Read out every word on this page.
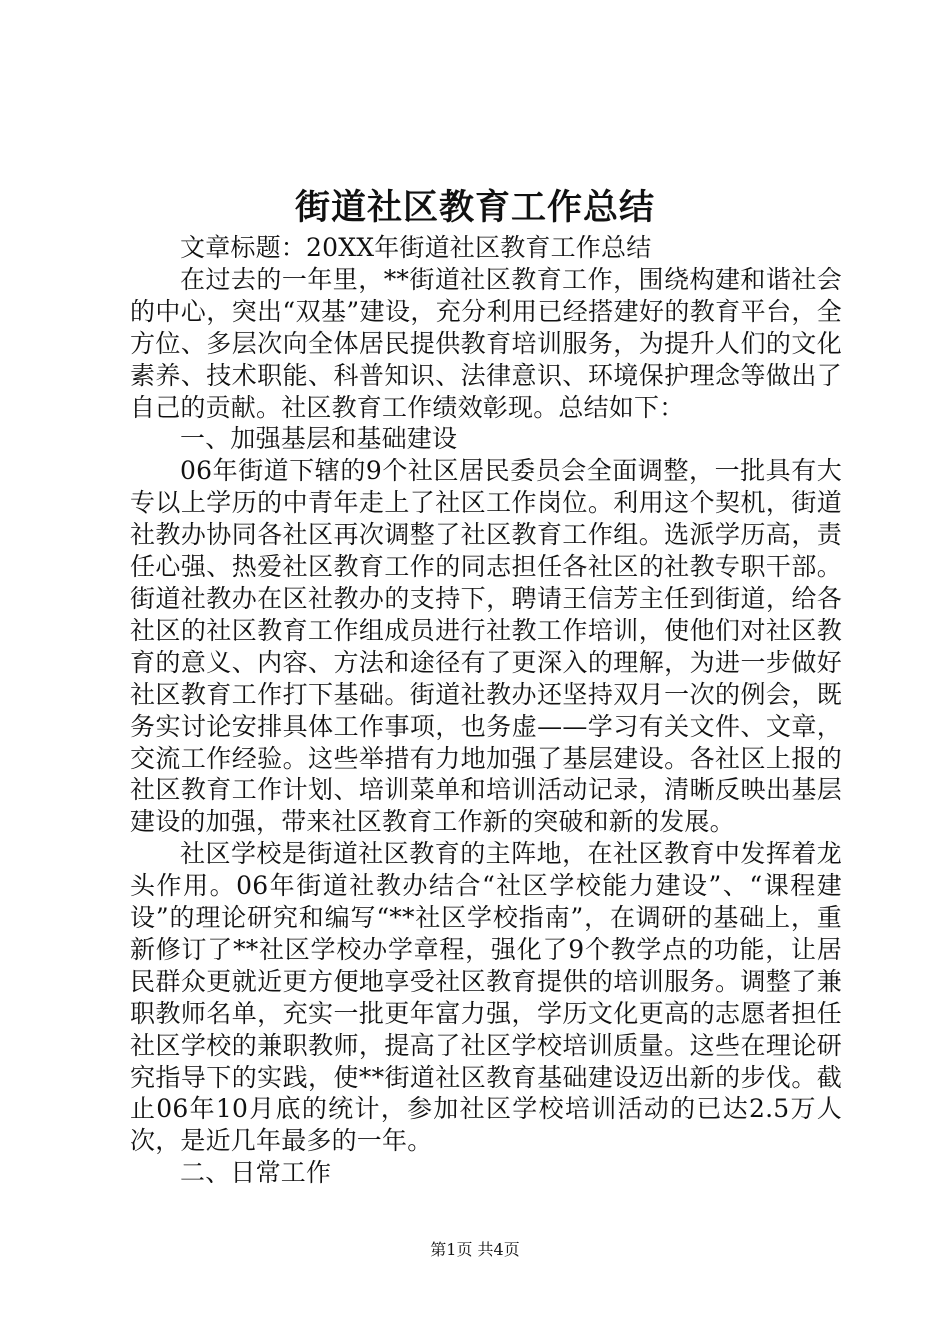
街道社区教育工作总结

文章标题：20XX年街道社区教育工作总结

在过去的一年里，**街道社区教育工作，围绕构建和谐社会的中心，突出“双基”建设，充分利用已经搭建好的教育平台，全方位、多层次向全体居民提供教育培训服务，为提升人们的文化素养、技术职能、科普知识、法律意识、环境保护理念等做出了自己的贡献。社区教育工作绩效彰现。总结如下：

一、加强基层和基础建设

06年街道下辖的9个社区居民委员会全面调整，一批具有大专以上学历的中青年走上了社区工作岗位。利用这个契机，街道社教办协同各社区再次调整了社区教育工作组。选派学历高，责任心强、热爱社区教育工作的同志担任各社区的社教专职干部。街道社教办在区社教办的支持下，聘请王信芳主任到街道，给各社区的社区教育工作组成员进行社教工作培训，使他们对社区教育的意义、内容、方法和途径有了更深入的理解，为进一步做好社区教育工作打下基础。街道社教办还坚持双月一次的例会，既务实讨论安排具体工作事项，也务虚——学习有关文件、文章，交流工作经验。这些举措有力地加强了基层建设。各社区上报的社区教育工作计划、培训菜单和培训活动记录，清晰反映出基层建设的加强，带来社区教育工作新的突破和新的发展。

社区学校是街道社区教育的主阵地，在社区教育中发挥着龙头作用。06年街道社教办结合“社区学校能力建设”、“课程建设”的理论研究和编写“**社区学校指南”，在调研的基础上，重新修订了**社区学校办学章程，强化了9个教学点的功能，让居民群众更就近更方便地享受社区教育提供的培训服务。调整了兼职教师名单，充实一批更年富力强，学历文化更高的志愿者担任社区学校的兼职教师，提高了社区学校培训质量。这些在理论研究指导下的实践，使**街道社区教育基础建设迈出新的步伐。截止06年10月底的统计，参加社区学校培训活动的已达2.5万人次，是近几年最多的一年。

二、日常工作

第1页 共4页
